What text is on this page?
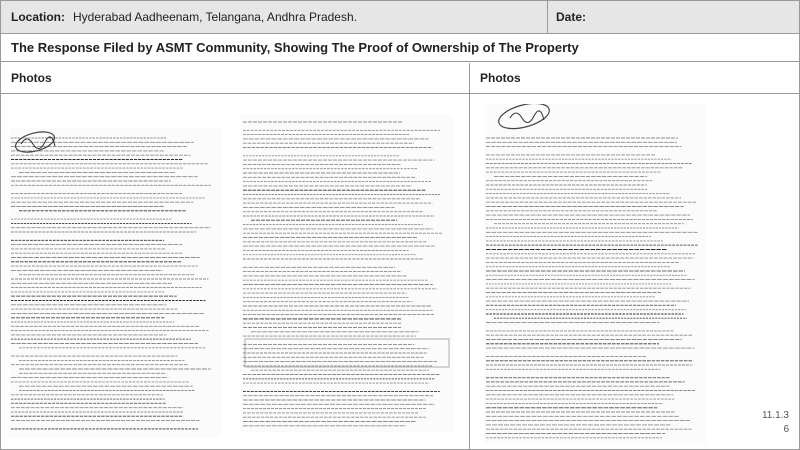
Location: Hyderabad Aadheenam, Telangana, Andhra Pradesh.	Date:
The Response Filed by ASMT Community, Showing The Proof of Ownership of The Property
Photos	Photos
11.1.3
6
